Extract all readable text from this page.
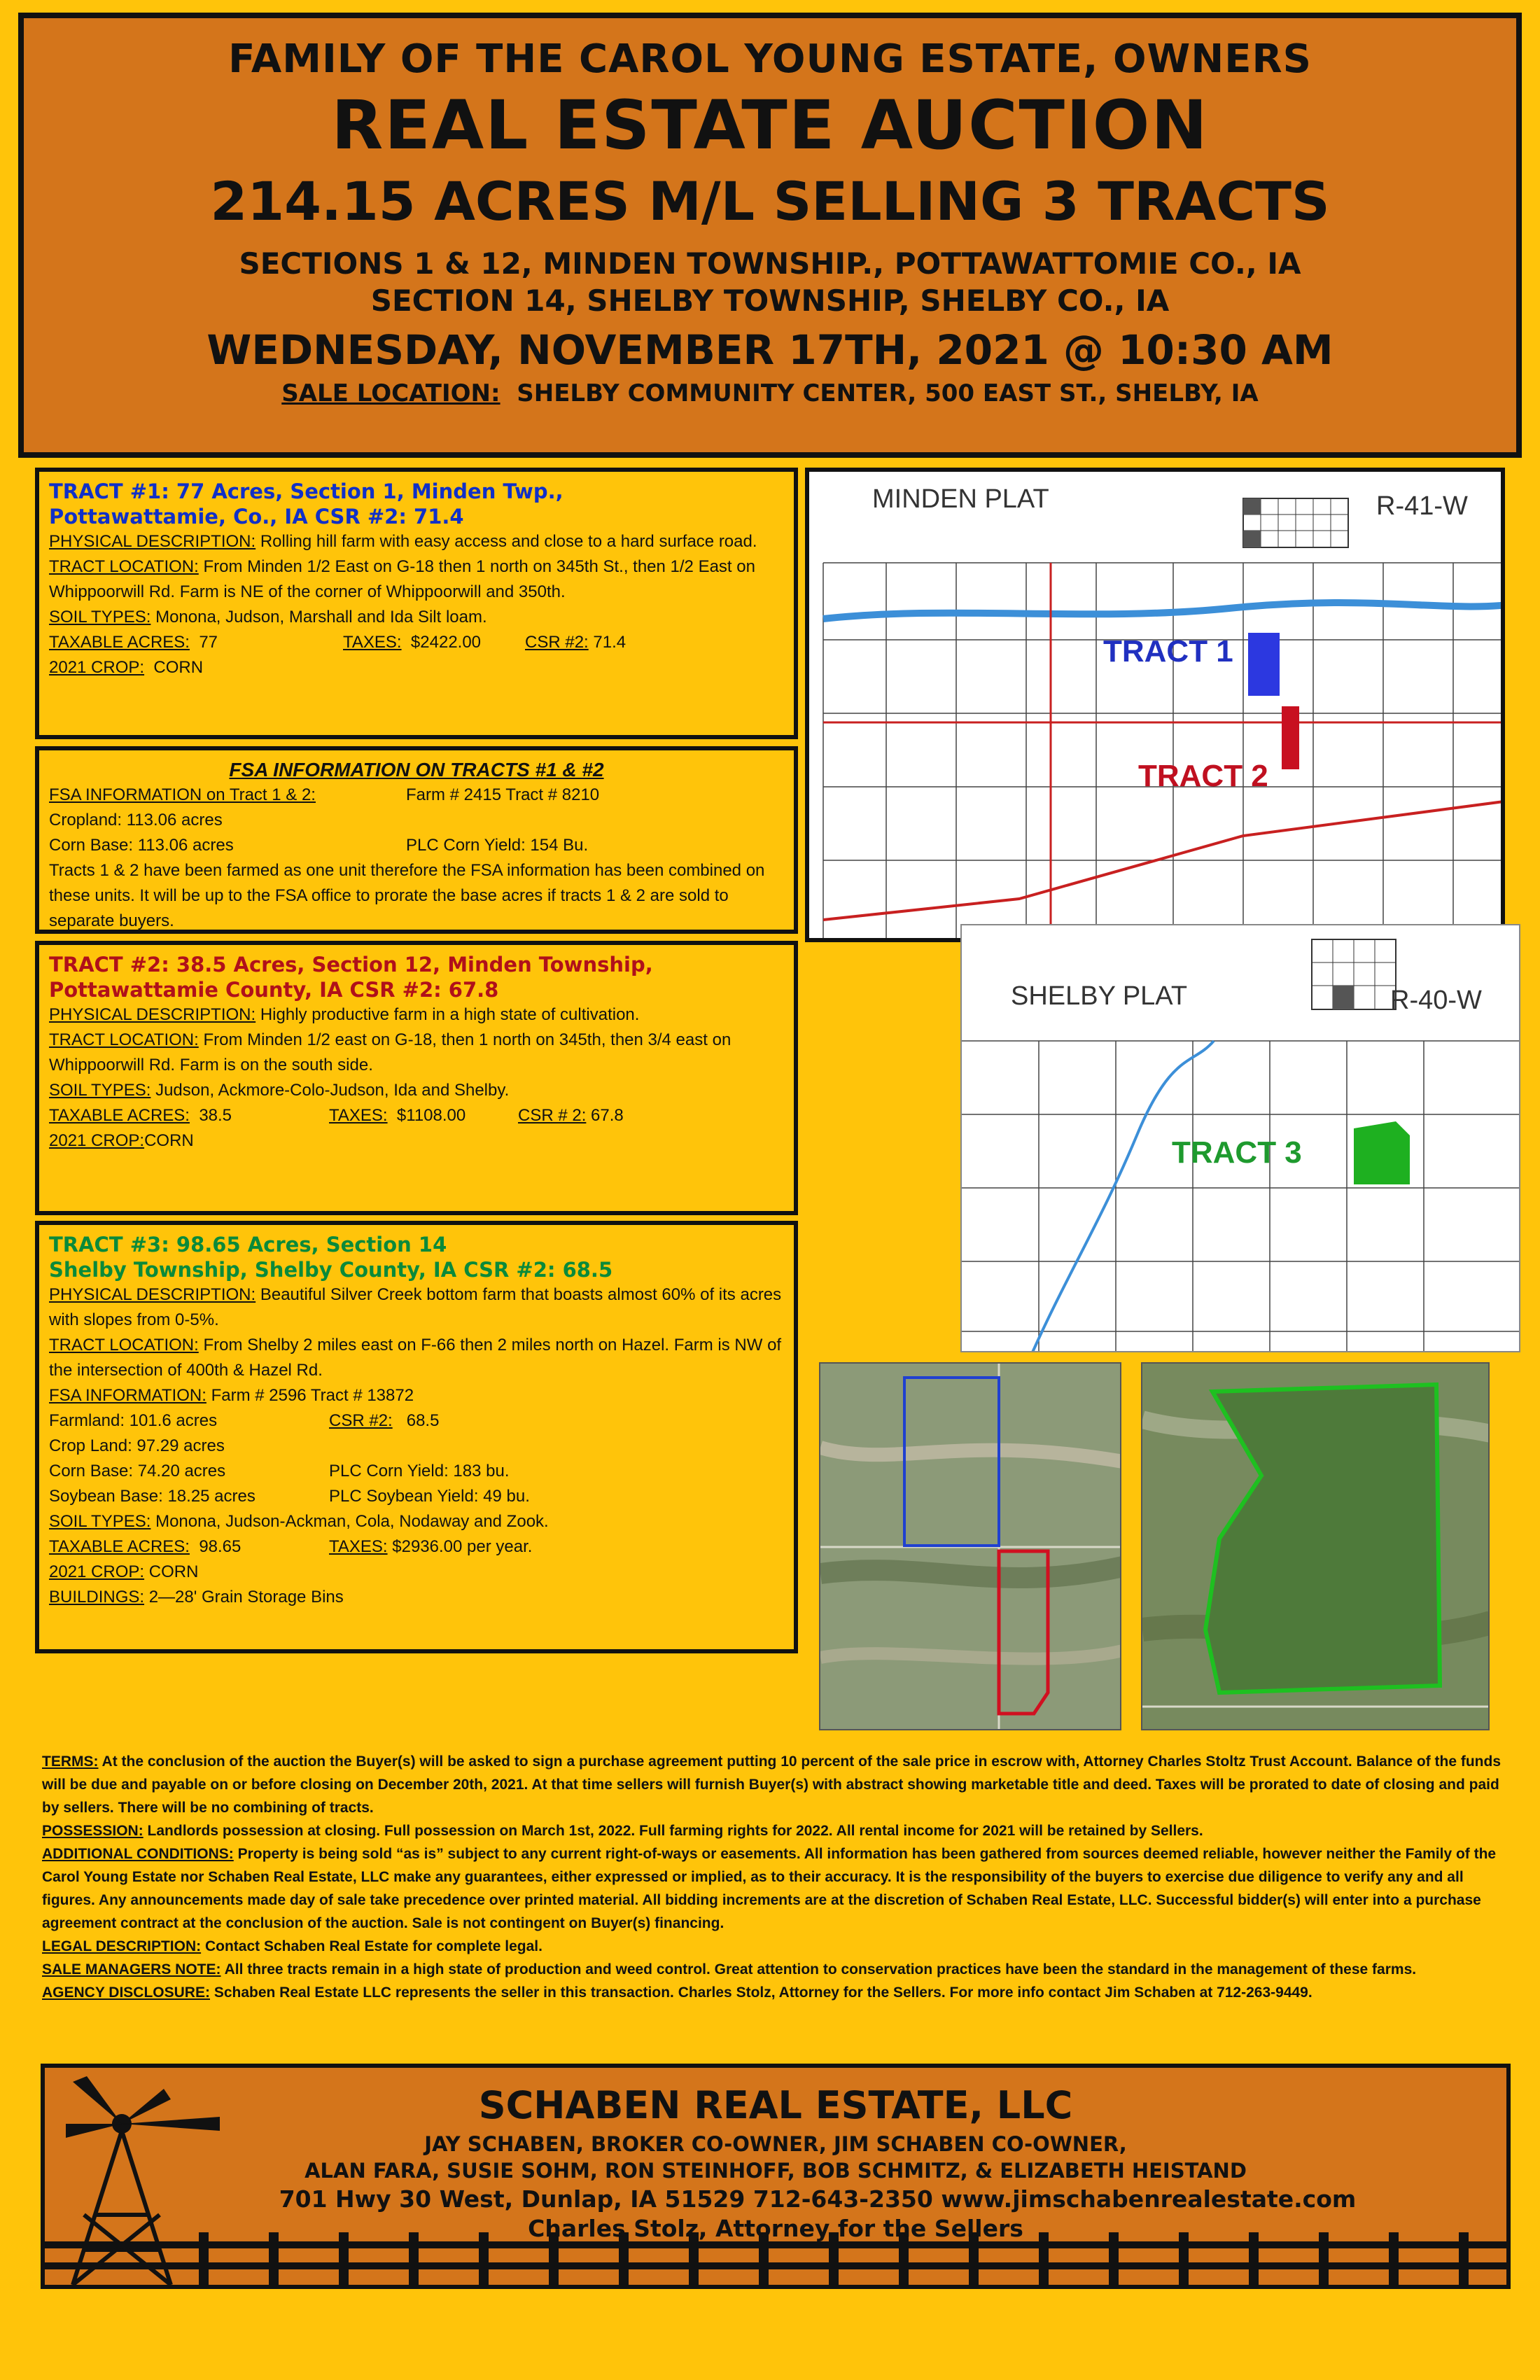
FAMILY OF THE CAROL YOUNG ESTATE, OWNERS
REAL ESTATE AUCTION
214.15 ACRES M/L SELLING 3 TRACTS
SECTIONS 1 & 12, MINDEN TOWNSHIP., POTTAWATTOMIE CO., IA
SECTION 14, SHELBY TOWNSHIP, SHELBY CO., IA
WEDNESDAY, NOVEMBER 17TH, 2021 @ 10:30 AM
SALE LOCATION: SHELBY COMMUNITY CENTER, 500 EAST ST., SHELBY, IA
TRACT #1: 77 Acres, Section 1, Minden Twp.,
Pottawattamie, Co., IA CSR #2: 71.4
PHYSICAL DESCRIPTION: Rolling hill farm with easy access and close to a hard surface road.
TRACT LOCATION: From Minden 1/2 East on G-18 then 1 north on 345th St., then 1/2 East on Whippoorwill Rd. Farm is NE of the corner of Whippoorwill and 350th.
SOIL TYPES: Monona, Judson, Marshall and Ida Silt loam.
TAXABLE ACRES: 77	TAXES: $2422.00	CSR #2: 71.4
2021 CROP: CORN
FSA INFORMATION ON TRACTS #1 & #2
FSA INFORMATION on Tract 1 & 2:	Farm # 2415 Tract # 8210
Cropland: 113.06 acres
Corn Base: 113.06 acres	PLC Corn Yield: 154 Bu.
Tracts 1 & 2 have been farmed as one unit therefore the FSA information has been combined on these units. It will be up to the FSA office to prorate the base acres if tracts 1 & 2 are sold to separate buyers.
TRACT #2: 38.5 Acres, Section 12, Minden Township,
Pottawattamie County, IA CSR #2: 67.8
PHYSICAL DESCRIPTION: Highly productive farm in a high state of cultivation.
TRACT LOCATION: From Minden 1/2 east on G-18, then 1 north on 345th, then 3/4 east on Whippoorwill Rd. Farm is on the south side.
SOIL TYPES: Judson, Ackmore-Colo-Judson, Ida and Shelby.
TAXABLE ACRES: 38.5	TAXES: $1108.00	CSR # 2: 67.8
2021 CROP:CORN
TRACT #3: 98.65 Acres, Section 14
Shelby Township, Shelby County, IA CSR #2: 68.5
PHYSICAL DESCRIPTION: Beautiful Silver Creek bottom farm that boasts almost 60% of its acres with slopes from 0-5%.
TRACT LOCATION: From Shelby 2 miles east on F-66 then 2 miles north on Hazel. Farm is NW of the intersection of 400th & Hazel Rd.
FSA INFORMATION: Farm # 2596 Tract # 13872
Farmland: 101.6 acres	CSR #2: 68.5
Crop Land: 97.29 acres
Corn Base: 74.20 acres	PLC Corn Yield: 183 bu.
Soybean Base: 18.25 acres	PLC Soybean Yield: 49 bu.
SOIL TYPES: Monona, Judson-Ackman, Cola, Nodaway and Zook.
TAXABLE ACRES: 98.65	TAXES: $2936.00 per year.
2021 CROP: CORN
BUILDINGS: 2—28' Grain Storage Bins
MINDEN PLAT	R-41-W
TRACT 1
TRACT 2
SHELBY PLAT	R-40-W
TRACT 3
TERMS: At the conclusion of the auction the Buyer(s) will be asked to sign a purchase agreement putting 10 percent of the sale price in escrow with, Attorney Charles Stoltz Trust Account. Balance of the funds will be due and payable on or before closing on December 20th, 2021. At that time sellers will furnish Buyer(s) with abstract showing marketable title and deed. Taxes will be prorated to date of closing and paid by sellers. There will be no combining of tracts.
POSSESSION: Landlords possession at closing. Full possession on March 1st, 2022. Full farming rights for 2022. All rental income for 2021 will be retained by Sellers.
ADDITIONAL CONDITIONS: Property is being sold “as is” subject to any current right-of-ways or easements. All information has been gathered from sources deemed reliable, however neither the Family of the Carol Young Estate nor Schaben Real Estate, LLC make any guarantees, either expressed or implied, as to their accuracy. It is the responsibility of the buyers to exercise due diligence to verify any and all figures. Any announcements made day of sale take precedence over printed material. All bidding increments are at the discretion of Schaben Real Estate, LLC. Successful bidder(s) will enter into a purchase agreement contract at the conclusion of the auction. Sale is not contingent on Buyer(s) financing.
LEGAL DESCRIPTION: Contact Schaben Real Estate for complete legal.
SALE MANAGERS NOTE: All three tracts remain in a high state of production and weed control. Great attention to conservation practices have been the standard in the management of these farms.
AGENCY DISCLOSURE: Schaben Real Estate LLC represents the seller in this transaction. Charles Stolz, Attorney for the Sellers. For more info contact Jim Schaben at 712-263-9449.
SCHABEN REAL ESTATE, LLC
JAY SCHABEN, BROKER CO-OWNER, JIM SCHABEN CO-OWNER,
ALAN FARA, SUSIE SOHM, RON STEINHOFF, BOB SCHMITZ, & ELIZABETH HEISTAND
701 Hwy 30 West, Dunlap, IA 51529 712-643-2350 www.jimschabenrealestate.com
Charles Stolz, Attorney for the Sellers
